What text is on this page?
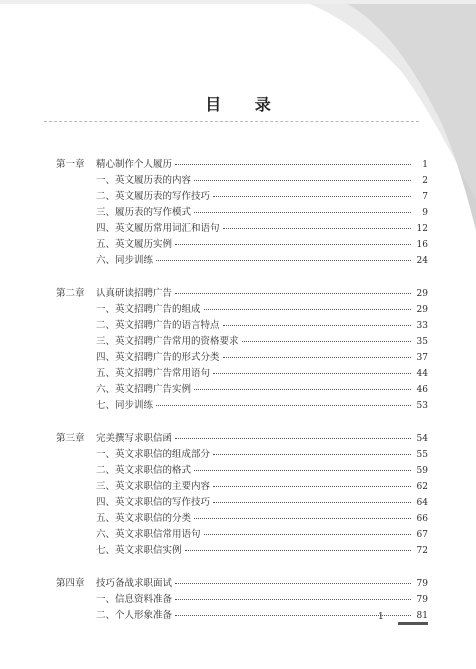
目 录
第一章	精心制作个人履历	1
一、英文履历表的内容	2
二、英文履历表的写作技巧	7
三、履历表的写作模式	9
四、英文履历常用词汇和语句	12
五、英文履历实例	16
六、同步训练	24
第二章	认真研读招聘广告	29
一、英文招聘广告的组成	29
二、英文招聘广告的语言特点	33
三、英文招聘广告常用的资格要求	35
四、英文招聘广告的形式分类	37
五、英文招聘广告常用语句	44
六、英文招聘广告实例	46
七、同步训练	53
第三章	完美撰写求职信函	54
一、英文求职信的组成部分	55
二、英文求职信的格式	59
三、英文求职信的主要内容	62
四、英文求职信的写作技巧	64
五、英文求职信的分类	66
六、英文求职信常用语句	67
七、英文求职信实例	72
第四章	技巧备战求职面试	79
一、信息资料准备	79
二、个人形象准备	81
1
